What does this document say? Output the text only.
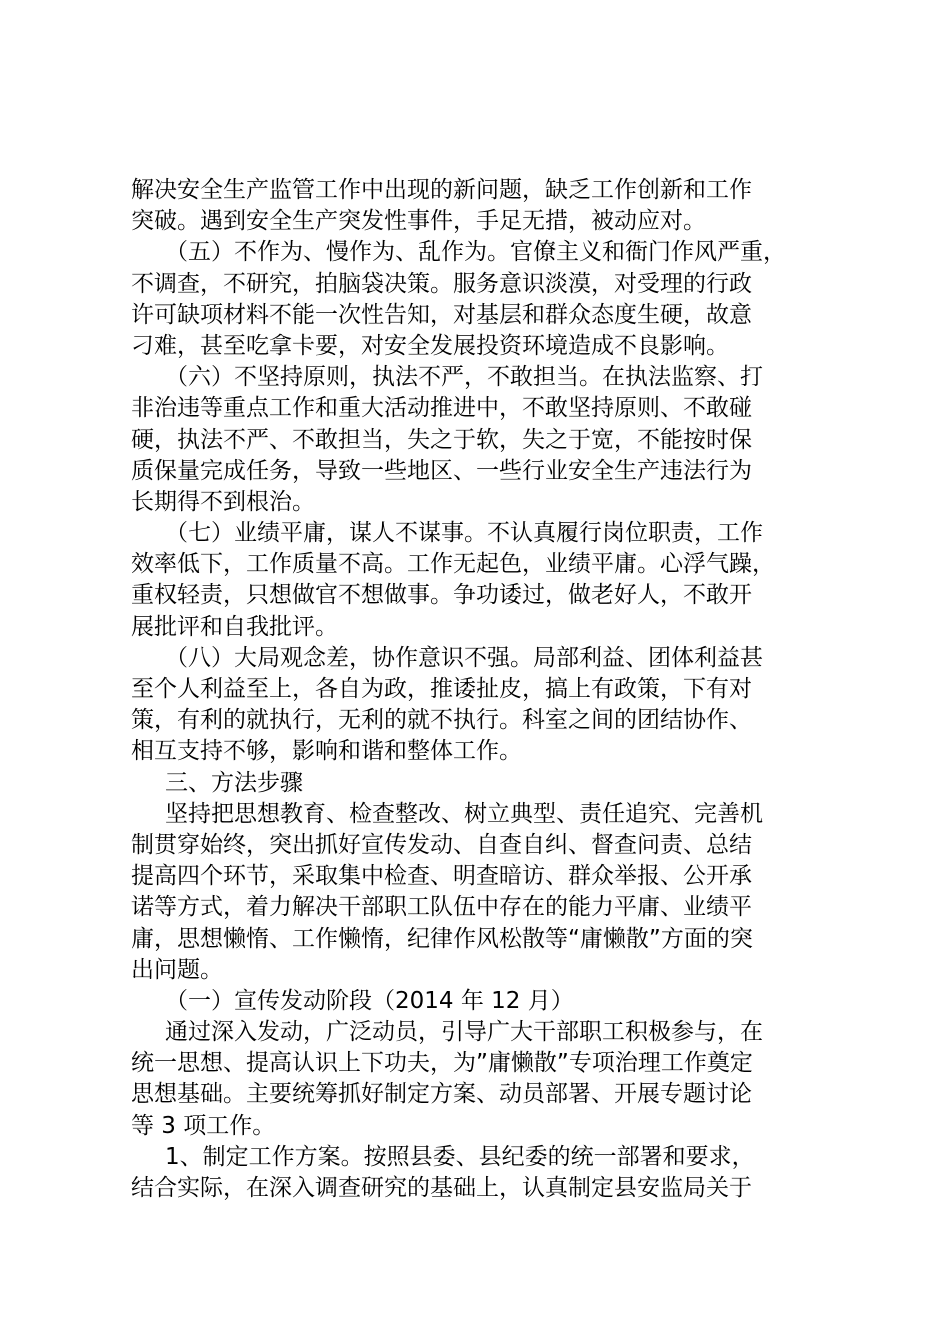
解决安全生产监管工作中出现的新问题，缺乏工作创新和工作
突破。遇到安全生产突发性事件，手足无措，被动应对。
（五）不作为、慢作为、乱作为。官僚主义和衙门作风严重，
不调查，不研究，拍脑袋决策。服务意识淡漠，对受理的行政
许可缺项材料不能一次性告知，对基层和群众态度生硬，故意
刁难，甚至吃拿卡要，对安全发展投资环境造成不良影响。
（六）不坚持原则，执法不严，不敢担当。在执法监察、打
非治违等重点工作和重大活动推进中，不敢坚持原则、不敢碰
硬，执法不严、不敢担当，失之于软，失之于宽，不能按时保
质保量完成任务，导致一些地区、一些行业安全生产违法行为
长期得不到根治。
（七）业绩平庸，谋人不谋事。不认真履行岗位职责，工作
效率低下，工作质量不高。工作无起色，业绩平庸。心浮气躁，
重权轻责，只想做官不想做事。争功诿过，做老好人，不敢开
展批评和自我批评。
（八）大局观念差，协作意识不强。局部利益、团体利益甚
至个人利益至上，各自为政，推诿扯皮，搞上有政策，下有对
策，有利的就执行，无利的就不执行。科室之间的团结协作、
相互支持不够，影响和谐和整体工作。
三、方法步骤
坚持把思想教育、检查整改、树立典型、责任追究、完善机
制贯穿始终，突出抓好宣传发动、自查自纠、督查问责、总结
提高四个环节，采取集中检查、明查暗访、群众举报、公开承
诺等方式，着力解决干部职工队伍中存在的能力平庸、业绩平
庸，思想懒惰、工作懒惰，纪律作风松散等“庸懒散”方面的突
出问题。
（一）宣传发动阶段（2014 年 12 月）
通过深入发动，广泛动员，引导广大干部职工积极参与，在
统一思想、提高认识上下功夫，为”庸懒散”专项治理工作奠定
思想基础。主要统筹抓好制定方案、动员部署、开展专题讨论
等 3 项工作。
1、制定工作方案。按照县委、县纪委的统一部署和要求，
结合实际，在深入调查研究的基础上，认真制定县安监局关于
